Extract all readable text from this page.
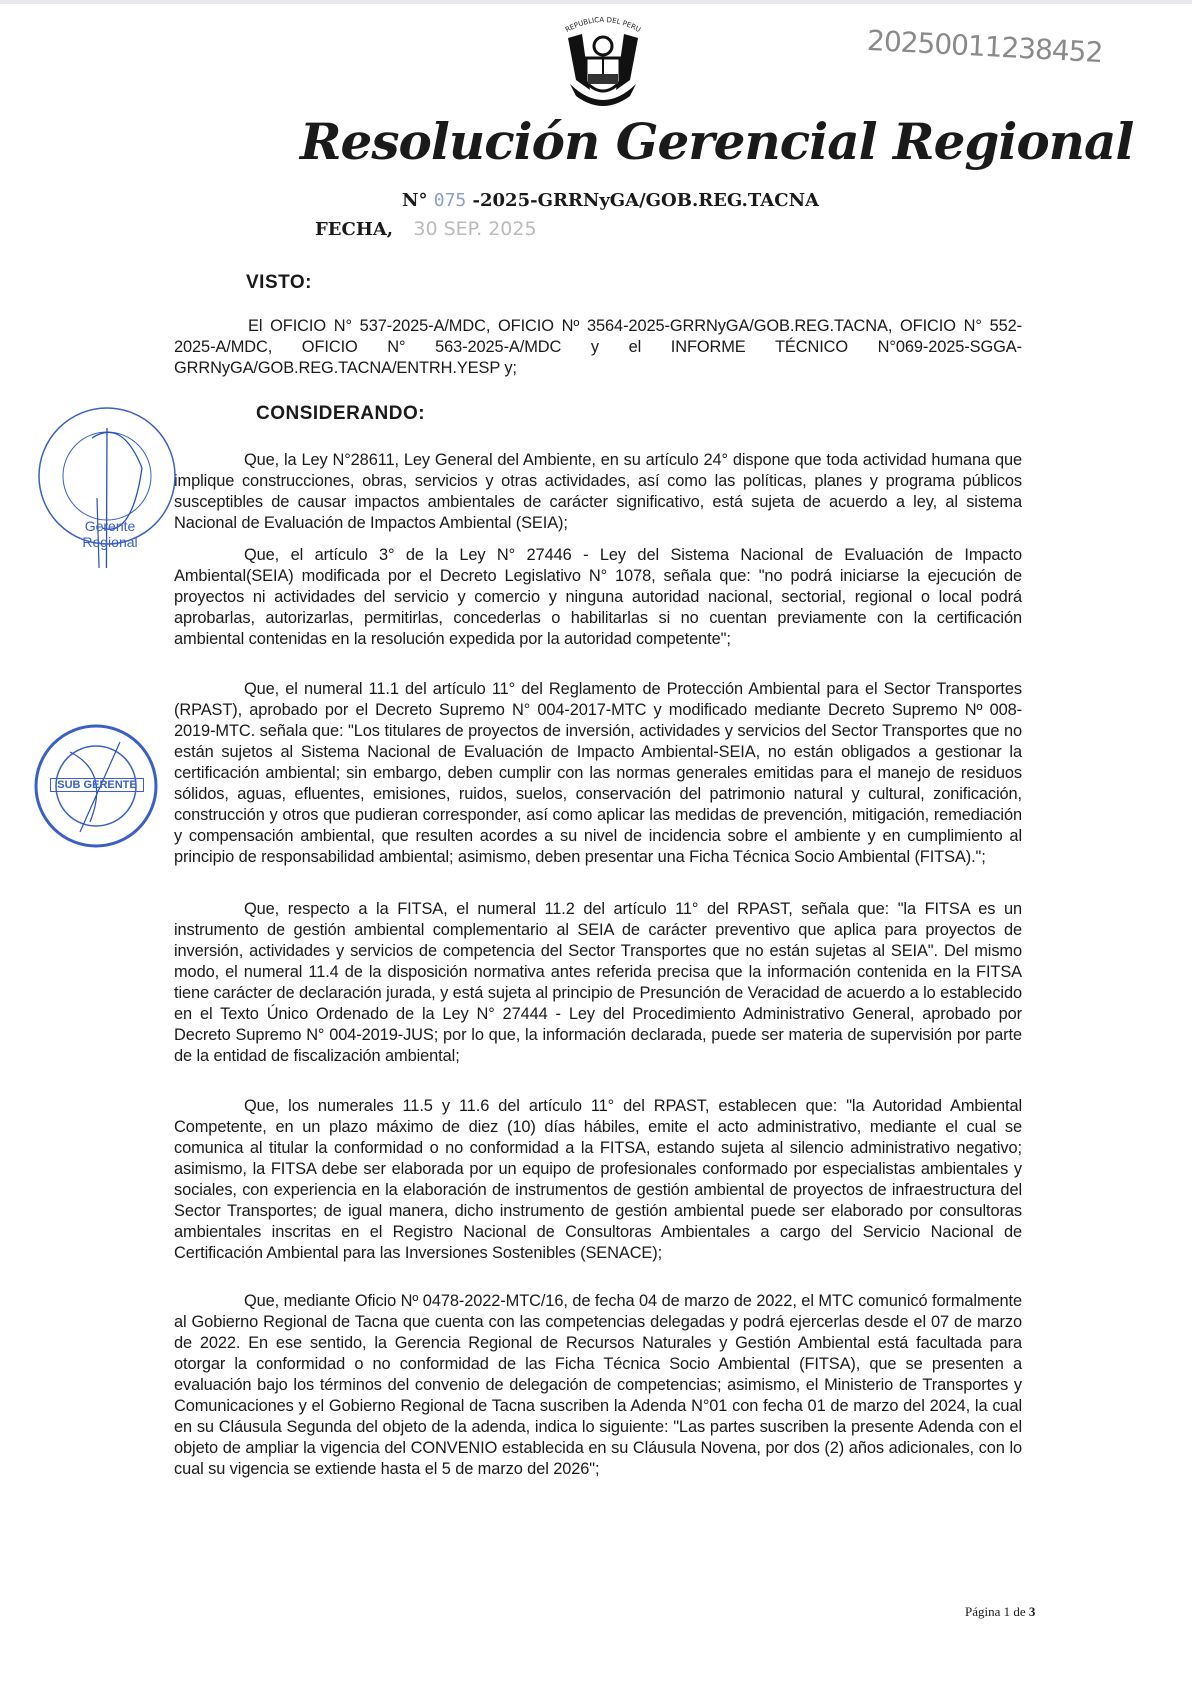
REPUBLICA DEL PERU	20250011238452
Resolución Gerencial Regional
N° 075 -2025-GRRNyGA/GOB.REG.TACNA
FECHA, 30 SEP. 2025
VISTO:
El OFICIO N° 537-2025-A/MDC, OFICIO Nº 3564-2025-GRRNyGA/GOB.REG.TACNA, OFICIO N° 552-2025-A/MDC, OFICIO N° 563-2025-A/MDC y el INFORME TÉCNICO N°069-2025-SGGA-GRRNyGA/GOB.REG.TACNA/ENTRH.YESP y;
CONSIDERANDO:
Que, la Ley N°28611, Ley General del Ambiente, en su artículo 24° dispone que toda actividad humana que implique construcciones, obras, servicios y otras actividades, así como las políticas, planes y programa públicos susceptibles de causar impactos ambientales de carácter significativo, está sujeta de acuerdo a ley, al sistema Nacional de Evaluación de Impactos Ambiental (SEIA);
Que, el artículo 3° de la Ley N° 27446 - Ley del Sistema Nacional de Evaluación de Impacto Ambiental(SEIA) modificada por el Decreto Legislativo N° 1078, señala que: "no podrá iniciarse la ejecución de proyectos ni actividades del servicio y comercio y ninguna autoridad nacional, sectorial, regional o local podrá aprobarlas, autorizarlas, permitirlas, concederlas o habilitarlas si no cuentan previamente con la certificación ambiental contenidas en la resolución expedida por la autoridad competente";
Que, el numeral 11.1 del artículo 11° del Reglamento de Protección Ambiental para el Sector Transportes (RPAST), aprobado por el Decreto Supremo N° 004-2017-MTC y modificado mediante Decreto Supremo Nº 008- 2019-MTC. señala que: "Los titulares de proyectos de inversión, actividades y servicios del Sector Transportes que no están sujetos al Sistema Nacional de Evaluación de Impacto Ambiental-SEIA, no están obligados a gestionar la certificación ambiental; sin embargo, deben cumplir con las normas generales emitidas para el manejo de residuos sólidos, aguas, efluentes, emisiones, ruidos, suelos, conservación del patrimonio natural y cultural, zonificación, construcción y otros que pudieran corresponder, así como aplicar las medidas de prevención, mitigación, remediación y compensación ambiental, que resulten acordes a su nivel de incidencia sobre el ambiente y en cumplimiento al principio de responsabilidad ambiental; asimismo, deben presentar una Ficha Técnica Socio Ambiental (FITSA).";
Que, respecto a la FITSA, el numeral 11.2 del artículo 11° del RPAST, señala que: "la FITSA es un instrumento de gestión ambiental complementario al SEIA de carácter preventivo que aplica para proyectos de inversión, actividades y servicios de competencia del Sector Transportes que no están sujetas al SEIA". Del mismo modo, el numeral 11.4 de la disposición normativa antes referida precisa que la información contenida en la FITSA tiene carácter de declaración jurada, y está sujeta al principio de Presunción de Veracidad de acuerdo a lo establecido en el Texto Único Ordenado de la Ley N° 27444 - Ley del Procedimiento Administrativo General, aprobado por Decreto Supremo N° 004-2019-JUS; por lo que, la información declarada, puede ser materia de supervisión por parte de la entidad de fiscalización ambiental;
Que, los numerales 11.5 y 11.6 del artículo 11° del RPAST, establecen que: "la Autoridad Ambiental Competente, en un plazo máximo de diez (10) días hábiles, emite el acto administrativo, mediante el cual se comunica al titular la conformidad o no conformidad a la FITSA, estando sujeta al silencio administrativo negativo; asimismo, la FITSA debe ser elaborada por un equipo de profesionales conformado por especialistas ambientales y sociales, con experiencia en la elaboración de instrumentos de gestión ambiental de proyectos de infraestructura del Sector Transportes; de igual manera, dicho instrumento de gestión ambiental puede ser elaborado por consultoras ambientales inscritas en el Registro Nacional de Consultoras Ambientales a cargo del Servicio Nacional de Certificación Ambiental para las Inversiones Sostenibles (SENACE);
Que, mediante Oficio Nº 0478-2022-MTC/16, de fecha 04 de marzo de 2022, el MTC comunicó formalmente al Gobierno Regional de Tacna que cuenta con las competencias delegadas y podrá ejercerlas desde el 07 de marzo de 2022. En ese sentido, la Gerencia Regional de Recursos Naturales y Gestión Ambiental está facultada para otorgar la conformidad o no conformidad de las Ficha Técnica Socio Ambiental (FITSA), que se presenten a evaluación bajo los términos del convenio de delegación de competencias; asimismo, el Ministerio de Transportes y Comunicaciones y el Gobierno Regional de Tacna suscriben la Adenda N°01 con fecha 01 de marzo del 2024, la cual en su Cláusula Segunda del objeto de la adenda, indica lo siguiente: "Las partes suscriben la presente Adenda con el objeto de ampliar la vigencia del CONVENIO establecida en su Cláusula Novena, por dos (2) años adicionales, con lo cual su vigencia se extiende hasta el 5 de marzo del 2026";
Gerente Regional
SUB GERENTE
Página 1 de 3
